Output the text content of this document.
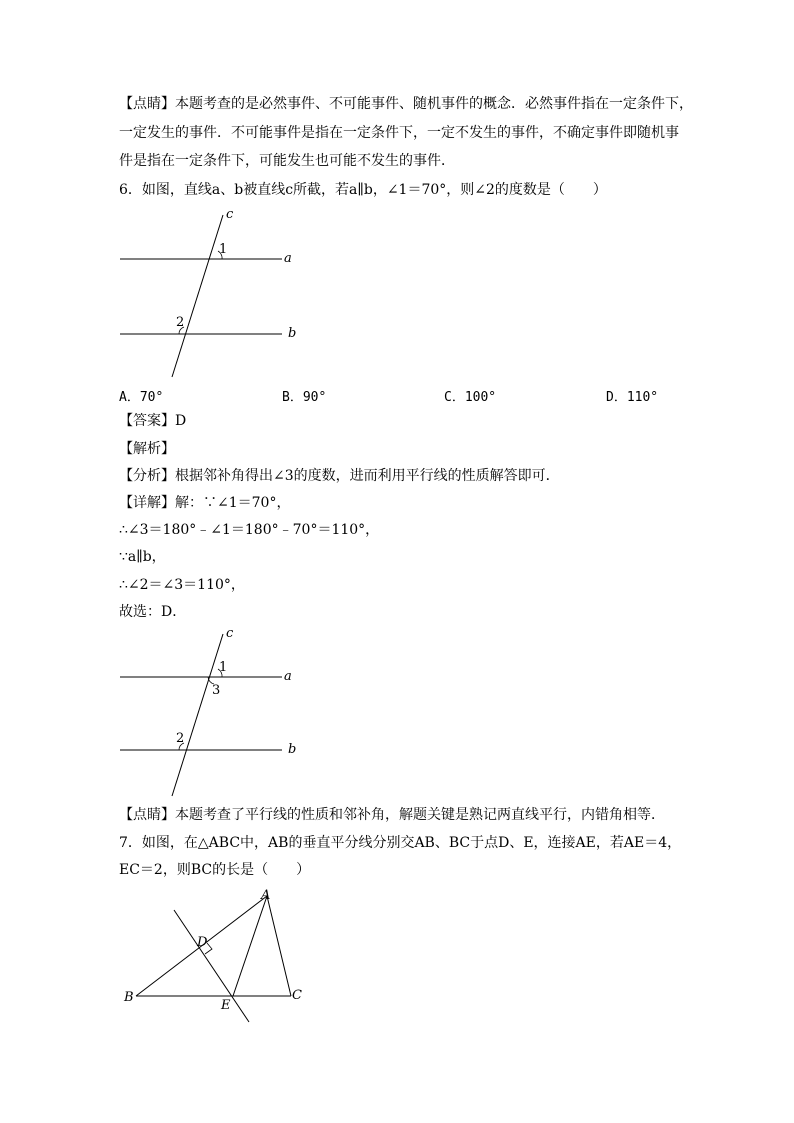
【点睛】本题考查的是必然事件、不可能事件、随机事件的概念．必然事件指在一定条件下，
一定发生的事件．不可能事件是指在一定条件下，一定不发生的事件，不确定事件即随机事
件是指在一定条件下，可能发生也可能不发生的事件．
6．如图，直线a、b被直线c所截，若a∥b，∠1＝70°，则∠2的度数是（　　）
c
1
a
2
b
A．70°	B．90°	C．100°	D．110°
【答案】D
【解析】
【分析】根据邻补角得出∠3的度数，进而利用平行线的性质解答即可．
【详解】解：∵∠1＝70°，
∴∠3＝180°﹣∠1＝180°﹣70°＝110°，
∵a∥b，
∴∠2＝∠3＝110°，
故选：D．
c
1
3
a
2
b
【点睛】本题考查了平行线的性质和邻补角，解题关键是熟记两直线平行，内错角相等．
7．如图，在△ABC中，AB的垂直平分线分别交AB、BC于点D、E，连接AE，若AE＝4，
EC＝2，则BC的长是（　　）
A
D
B
E
C
